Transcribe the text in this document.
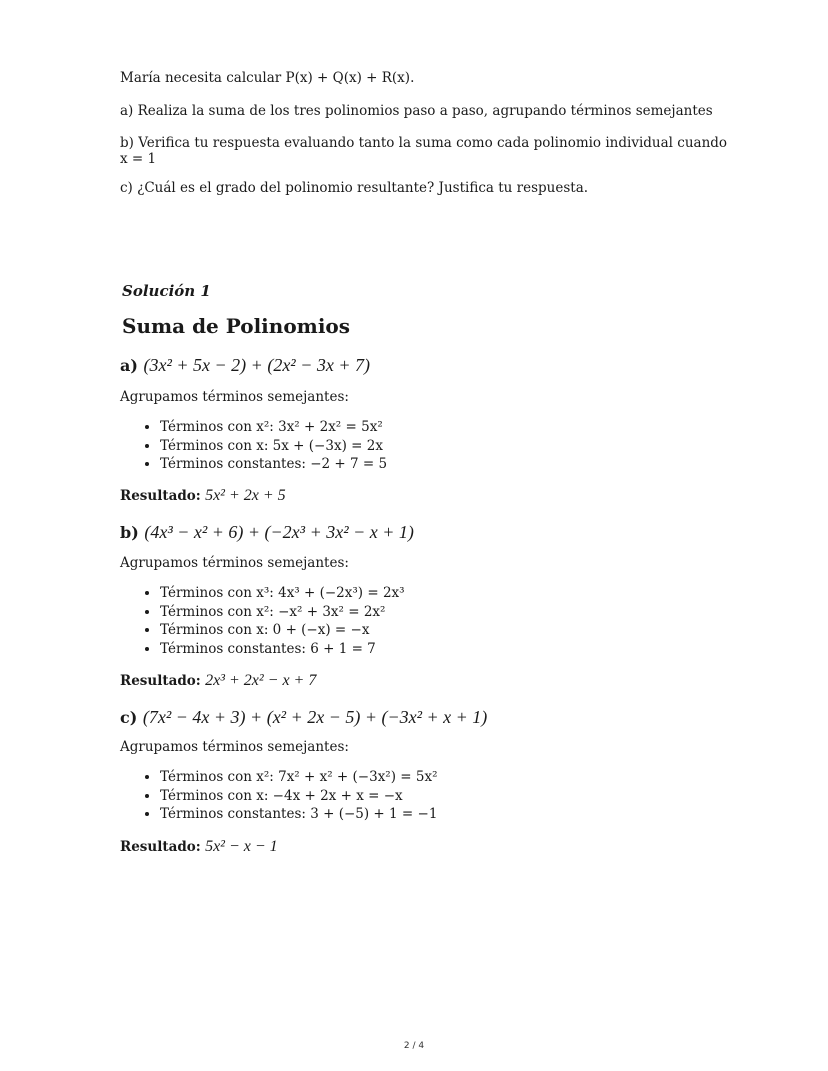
María necesita calcular P(x) + Q(x) + R(x).
a) Realiza la suma de los tres polinomios paso a paso, agrupando términos semejantes
b) Verifica tu respuesta evaluando tanto la suma como cada polinomio individual cuando
x = 1
c) ¿Cuál es el grado del polinomio resultante? Justifica tu respuesta.
Solución 1
Suma de Polinomios
a) (3x² + 5x − 2) + (2x² − 3x + 7)
Agrupamos términos semejantes:
• Términos con x²: 3x² + 2x² = 5x²
• Términos con x: 5x + (−3x) = 2x
• Términos constantes: −2 + 7 = 5
Resultado: 5x² + 2x + 5
b) (4x³ − x² + 6) + (−2x³ + 3x² − x + 1)
Agrupamos términos semejantes:
• Términos con x³: 4x³ + (−2x³) = 2x³
• Términos con x²: −x² + 3x² = 2x²
• Términos con x: 0 + (−x) = −x
• Términos constantes: 6 + 1 = 7
Resultado: 2x³ + 2x² − x + 7
c) (7x² − 4x + 3) + (x² + 2x − 5) + (−3x² + x + 1)
Agrupamos términos semejantes:
• Términos con x²: 7x² + x² + (−3x²) = 5x²
• Términos con x: −4x + 2x + x = −x
• Términos constantes: 3 + (−5) + 1 = −1
Resultado: 5x² − x − 1
2 / 4
